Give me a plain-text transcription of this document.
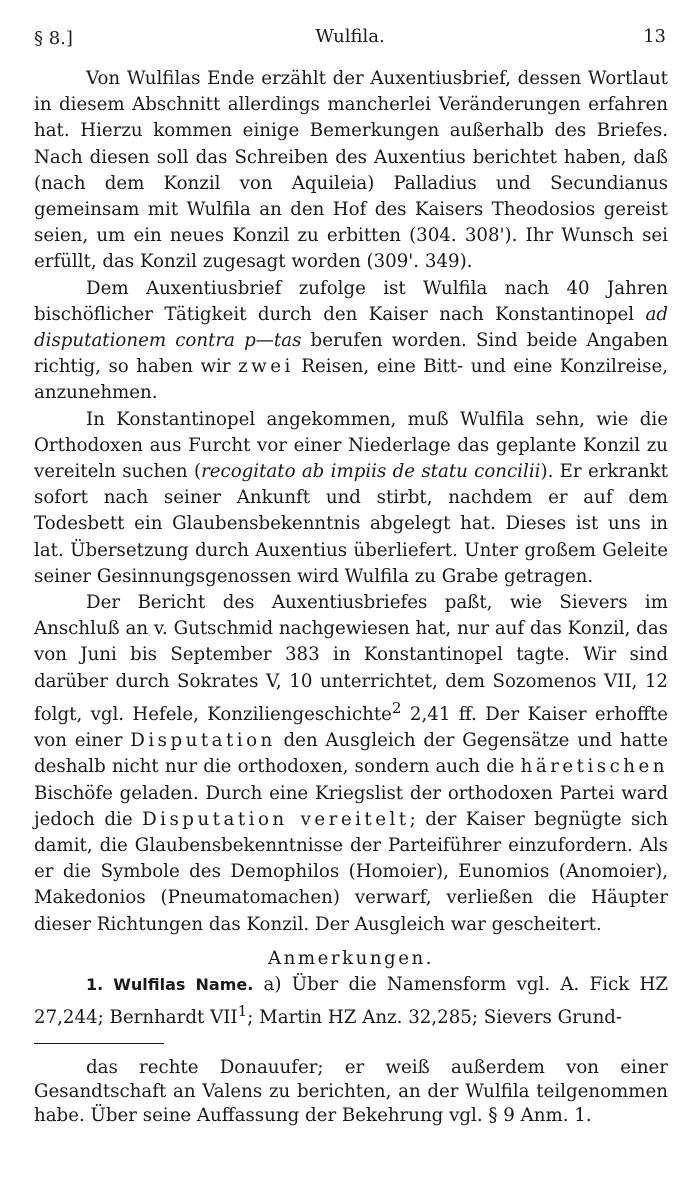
§ 8.]	Wulfila.	13

Von Wulfilas Ende erzählt der Auxentiusbrief, dessen Wortlaut in diesem Abschnitt allerdings mancherlei Veränderungen erfahren hat. Hierzu kommen einige Bemerkungen außerhalb des Briefes. Nach diesen soll das Schreiben des Auxentius berichtet haben, daß (nach dem Konzil von Aquileia) Palladius und Secundianus gemeinsam mit Wulfila an den Hof des Kaisers Theodosios gereist seien, um ein neues Konzil zu erbitten (304. 308'). Ihr Wunsch sei erfüllt, das Konzil zugesagt worden (309'. 349).

Dem Auxentiusbrief zufolge ist Wulfila nach 40 Jahren bischöflicher Tätigkeit durch den Kaiser nach Konstantinopel ad disputationem contra p—tas berufen worden. Sind beide Angaben richtig, so haben wir zwei Reisen, eine Bitt- und eine Konzilreise, anzunehmen.

In Konstantinopel angekommen, muß Wulfila sehn, wie die Orthodoxen aus Furcht vor einer Niederlage das geplante Konzil zu vereiteln suchen (recogitato ab impiis de statu concilii). Er erkrankt sofort nach seiner Ankunft und stirbt, nachdem er auf dem Todesbett ein Glaubensbekenntnis abgelegt hat. Dieses ist uns in lat. Übersetzung durch Auxentius überliefert. Unter großem Geleite seiner Gesinnungsgenossen wird Wulfila zu Grabe getragen.

Der Bericht des Auxentiusbriefes paßt, wie Sievers im Anschluß an v. Gutschmid nachgewiesen hat, nur auf das Konzil, das von Juni bis September 383 in Konstantinopel tagte. Wir sind darüber durch Sokrates V, 10 unterrichtet, dem Sozomenos VII, 12 folgt, vgl. Hefele, Konziliengeschichte$^2$ 2,41 ff. Der Kaiser erhoffte von einer Disputation den Ausgleich der Gegensätze und hatte deshalb nicht nur die orthodoxen, sondern auch die häretischen Bischöfe geladen. Durch eine Kriegslist der orthodoxen Partei ward jedoch die Disputation vereitelt; der Kaiser begnügte sich damit, die Glaubensbekenntnisse der Parteiführer einzufordern. Als er die Symbole des Demophilos (Homoier), Eunomios (Anomoier), Makedonios (Pneumatomachen) verwarf, verließen die Häupter dieser Richtungen das Konzil. Der Ausgleich war gescheitert.

Anmerkungen.

1. Wulfilas Name. a) Über die Namensform vgl. A. Fick HZ 27,244; Bernhardt VII$^1$; Martin HZ Anz. 32,285; Sievers Grund-

das rechte Donauufer; er weiß außerdem von einer Gesandtschaft an Valens zu berichten, an der Wulfila teilgenommen habe. Über seine Auffassung der Bekehrung vgl. § 9 Anm. 1.
